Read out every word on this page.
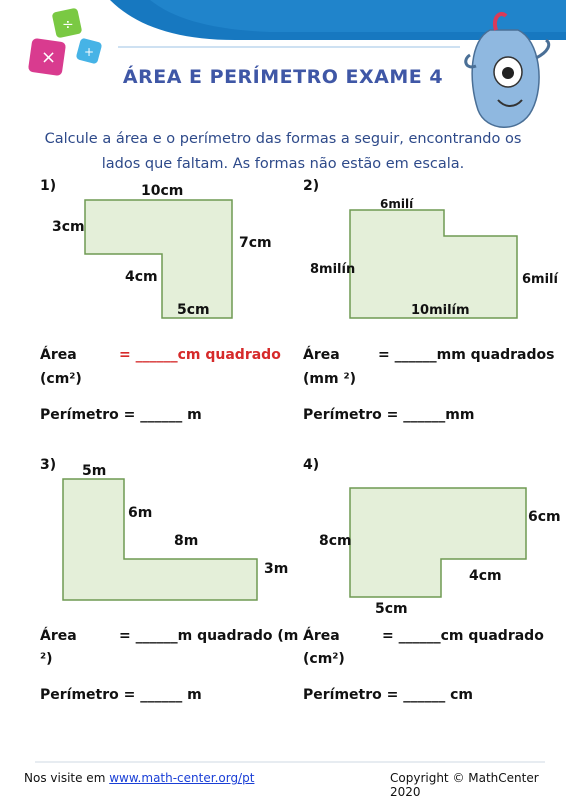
÷
× +
ÁREA E PERÍMETRO EXAME 4
Calcule a área e o perímetro das formas a seguir, encontrando os lados que faltam. As formas não estão em escala.
1)	10cm
3cm
7cm
4cm
5cm
Área	= ______cm quadrado
(cm²)
Perímetro = ______ m
2)
6milí
8milín
6milí
10milím
Área	= ______mm quadrados
(mm ²)
Perímetro = ______mm
3) 5m
6m
8m
3m
Área	= ______m quadrado (m
²)
Perímetro = ______ m
4)
8cm
6cm
4cm
5cm
Área	= ______cm quadrado
(cm²)
Perímetro = ______ cm
Nos visite em www.math-center.org/pt	Copyright © MathCenter 2020
